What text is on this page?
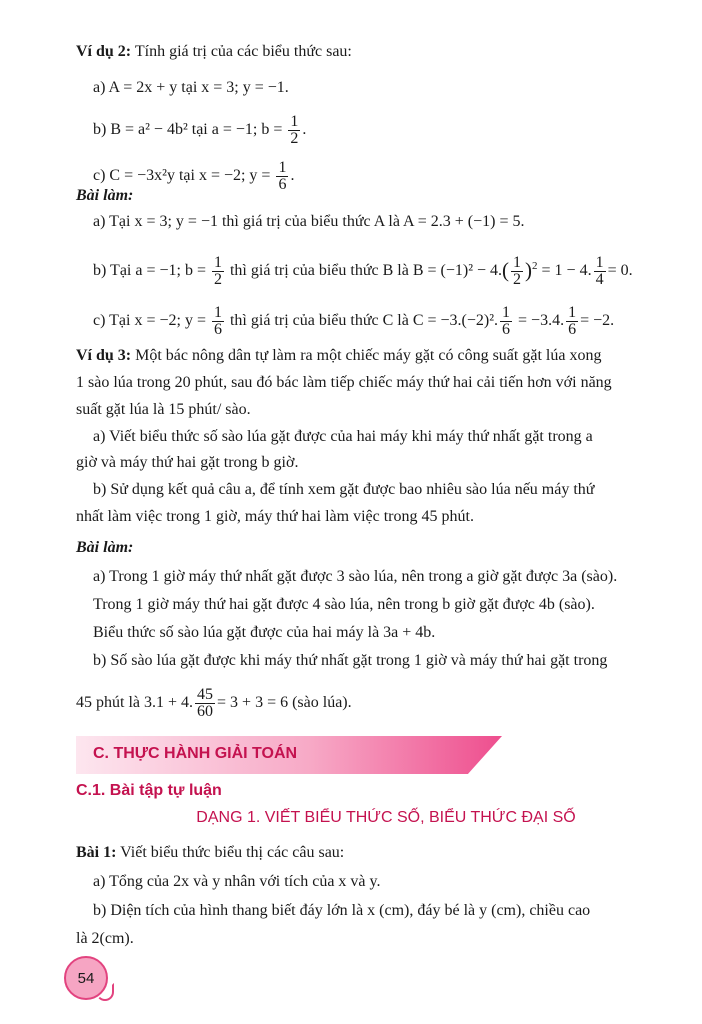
Ví dụ 2: Tính giá trị của các biểu thức sau:
a) A = 2x + y tại x = 3; y = −1.
b) B = a² − 4b² tại a = −1; $b = \frac{1}{2}$ .
c) C = −3x²y tại x = −2; $y = \frac{1}{6}$ .
Bài làm:
a) Tại x = 3; y = −1 thì giá trị của biểu thức A là A = 2.3 + (−1) = 5.
b) Tại a = −1; $b = \frac{1}{2}$ thì giá trị của biểu thức B là $B = (-1)^2 - 4.( \frac{1}{2} )^2 = 1 - 4$. $\frac{1}{4} = 0$.
c) Tại x = −2; $y = \frac{1}{6}$ thì giá trị của biểu thức C là C = −3.(−2)². $\frac{1}{6} = -3.4$. $\frac{1}{6} = -2$.
Ví dụ 3: Một bác nông dân tự làm ra một chiếc máy gặt có công suất gặt lúa xong
1 sào lúa trong 20 phút, sau đó bác làm tiếp chiếc máy thứ hai cải tiến hơn với năng
suất gặt lúa là 15 phút/ sào.
a) Viết biểu thức số sào lúa gặt được của hai máy khi máy thứ nhất gặt trong a
giờ và máy thứ hai gặt trong b giờ.
b) Sử dụng kết quả câu a, để tính xem gặt được bao nhiêu sào lúa nếu máy thứ
nhất làm việc trong 1 giờ, máy thứ hai làm việc trong 45 phút.
Bài làm:
a) Trong 1 giờ máy thứ nhất gặt được 3 sào lúa, nên trong a giờ gặt được 3a (sào).
Trong 1 giờ máy thứ hai gặt được 4 sào lúa, nên trong b giờ gặt được 4b (sào).
Biểu thức số sào lúa gặt được của hai máy là 3a + 4b.
b) Số sào lúa gặt được khi máy thứ nhất gặt trong 1 giờ và máy thứ hai gặt trong
45 phút là 3.1 + 4. $\frac{45}{60} = 3 + 3 = 6$ (sào lúa).
C. THỰC HÀNH GIẢI TOÁN
C.1. Bài tập tự luận
DẠNG 1. VIẾT BIỂU THỨC SỐ, BIỂU THỨC ĐẠI SỐ
Bài 1: Viết biểu thức biểu thị các câu sau:
a) Tổng của 2x và y nhân với tích của x và y.
b) Diện tích của hình thang biết đáy lớn là x (cm), đáy bé là y (cm), chiều cao
là 2(cm).
54
